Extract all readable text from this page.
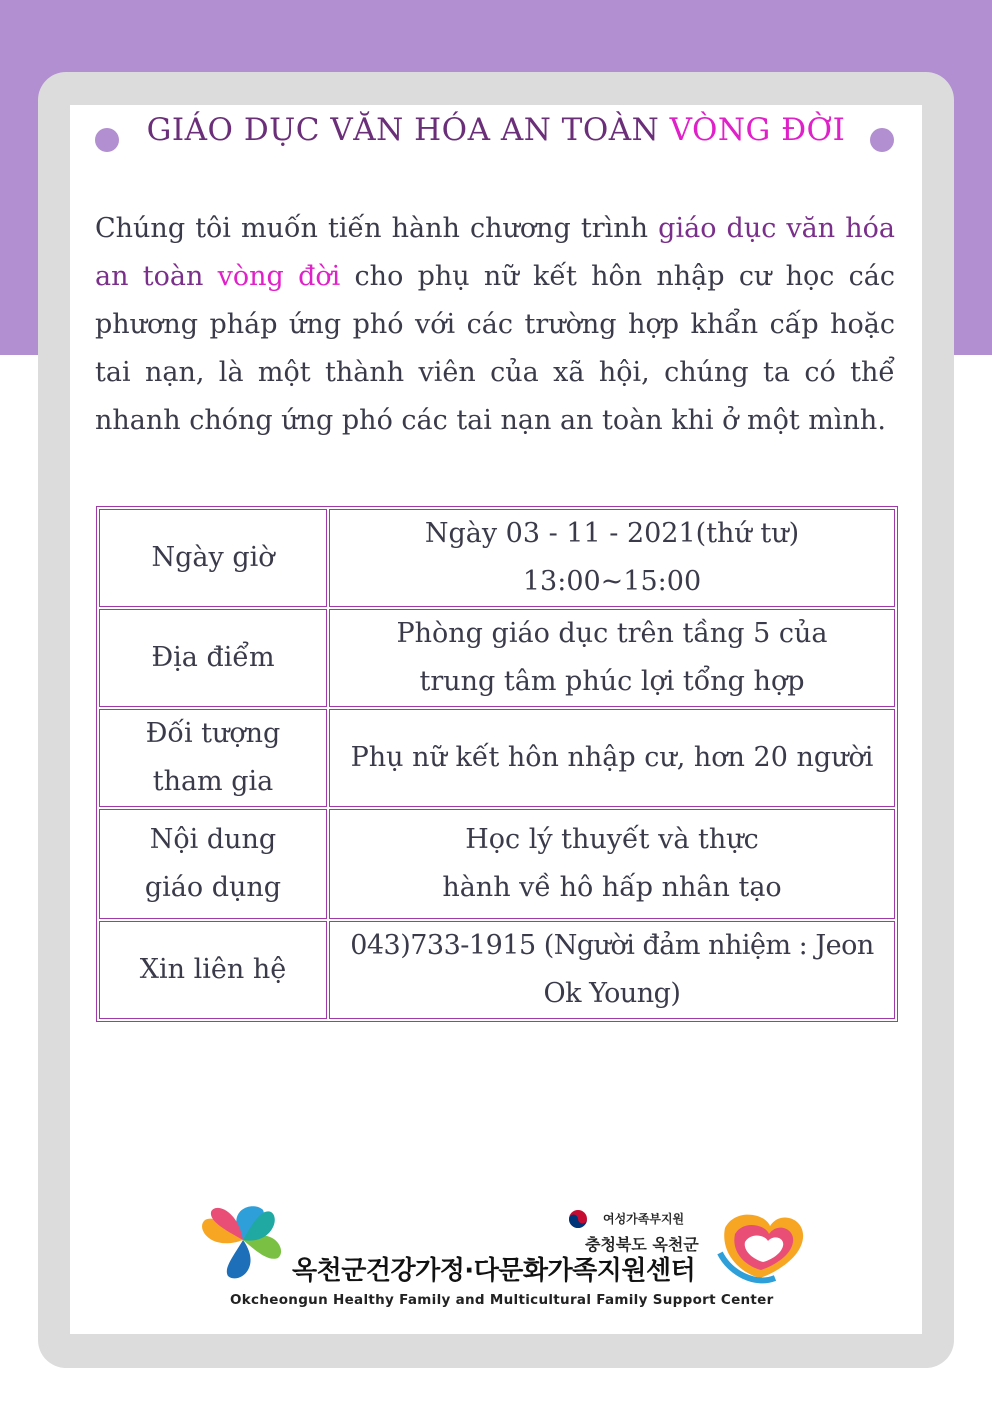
GIÁO DỤC VĂN HÓA AN TOÀN VÒNG ĐỜI
Chúng tôi muốn tiến hành chương trình giáo dục văn hóa an toàn vòng đời cho phụ nữ kết hôn nhập cư học các phương pháp ứng phó với các trường hợp khẩn cấp hoặc tai nạn, là một thành viên của xã hội, chúng ta có thể nhanh chóng ứng phó các tai nạn an toàn khi ở một mình.
Ngày giờ	Ngày 03 - 11 - 2021(thứ tư) 13:00~15:00
Địa điểm	Phòng giáo dục trên tầng 5 của trung tâm phúc lợi tổng hợp
Đối tượng tham gia	Phụ nữ kết hôn nhập cư, hơn 20 người
Nội dung giáo dụng	Học lý thuyết và thực hành về hô hấp nhân tạo
Xin liên hệ	043)733-1915 (Người đảm nhiệm : Jeon Ok Young)
여성가족부지원
충청북도 옥천군
옥천군건강가정·다문화가족지원센터
Okcheongun Healthy Family and Multicultural Family Support Center
